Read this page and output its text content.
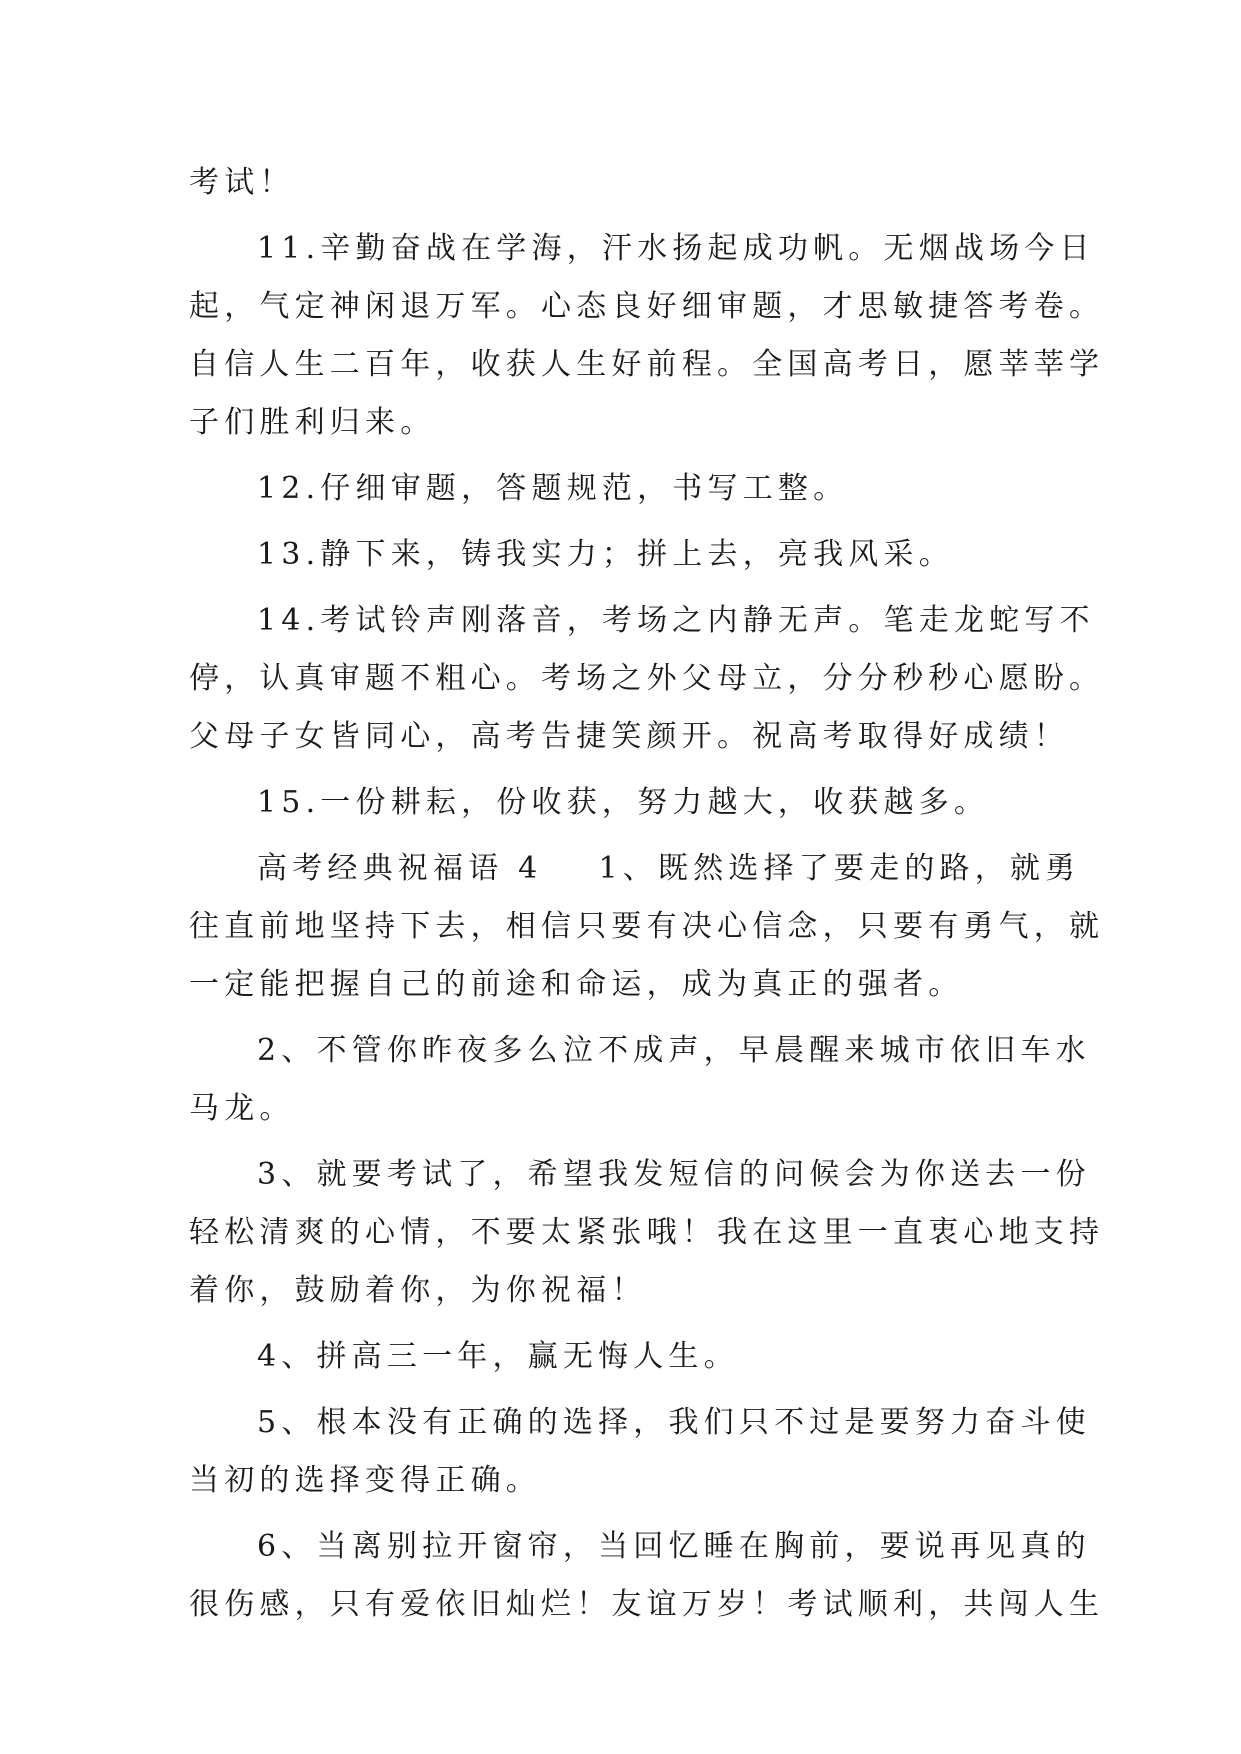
考试！
11.辛勤奋战在学海，汗水扬起成功帆。无烟战场今日
起，气定神闲退万军。心态良好细审题，才思敏捷答考卷。
自信人生二百年，收获人生好前程。全国高考日，愿莘莘学
子们胜利归来。
12.仔细审题，答题规范，书写工整。
13.静下来，铸我实力；拼上去，亮我风采。
14.考试铃声刚落音，考场之内静无声。笔走龙蛇写不
停，认真审题不粗心。考场之外父母立，分分秒秒心愿盼。
父母子女皆同心，高考告捷笑颜开。祝高考取得好成绩！
15.一份耕耘，份收获，努力越大，收获越多。
高考经典祝福语 4 1、既然选择了要走的路，就勇
往直前地坚持下去，相信只要有决心信念，只要有勇气，就
一定能把握自己的前途和命运，成为真正的强者。
2、不管你昨夜多么泣不成声，早晨醒来城市依旧车水
马龙。
3、就要考试了，希望我发短信的问候会为你送去一份
轻松清爽的心情，不要太紧张哦！我在这里一直衷心地支持
着你，鼓励着你，为你祝福！
4、拼高三一年，赢无悔人生。
5、根本没有正确的选择，我们只不过是要努力奋斗使
当初的选择变得正确。
6、当离别拉开窗帘，当回忆睡在胸前，要说再见真的
很伤感，只有爱依旧灿烂！友谊万岁！考试顺利，共闯人生
